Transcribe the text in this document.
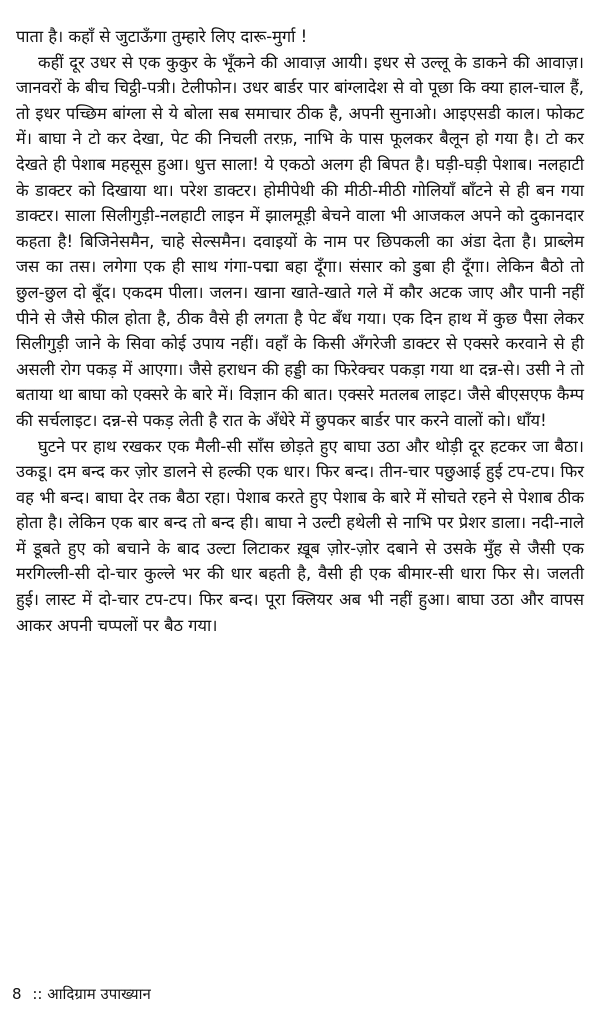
पाता है। कहाँ से जुटाऊँगा तुम्हारे लिए दारू-मुर्गा !

कहीं दूर उधर से एक कुकुर के भूँकने की आवाज़ आयी। इधर से उल्लू के डाकने की आवाज़। जानवरों के बीच चिट्ठी-पत्री। टेलीफोन। उधर बार्डर पार बांग्लादेश से वो पूछा कि क्या हाल-चाल हैं, तो इधर पच्छिम बांग्ला से ये बोला सब समाचार ठीक है, अपनी सुनाओ। आइएसडी काल। फोकट में। बाघा ने टो कर देखा, पेट की निचली तरफ़, नाभि के पास फूलकर बैलून हो गया है। टो कर देखते ही पेशाब महसूस हुआ। धुत्त साला! ये एकठो अलग ही बिपत है। घड़ी-घड़ी पेशाब। नलहाटी के डाक्टर को दिखाया था। परेश डाक्टर। होमीपेथी की मीठी-मीठी गोलियाँ बाँटने से ही बन गया डाक्टर। साला सिलीगुड़ी-नलहाटी लाइन में झालमूड़ी बेचने वाला भी आजकल अपने को दुकानदार कहता है! बिजिनेसमैन, चाहे सेल्समैन। दवाइयों के नाम पर छिपकली का अंडा देता है। प्राब्लेम जस का तस। लगेगा एक ही साथ गंगा-पद्मा बहा दूँगा। संसार को डुबा ही दूँगा। लेकिन बैठो तो छुल-छुल दो बूँद। एकदम पीला। जलन। खाना खाते-खाते गले में कौर अटक जाए और पानी नहीं पीने से जैसे फील होता है, ठीक वैसे ही लगता है पेट बँध गया। एक दिन हाथ में कुछ पैसा लेकर सिलीगुड़ी जाने के सिवा कोई उपाय नहीं। वहाँ के किसी अँगरेजी डाक्टर से एक्सरे करवाने से ही असली रोग पकड़ में आएगा। जैसे हराधन की हड्डी का फिरेक्चर पकड़ा गया था दन्न-से। उसी ने तो बताया था बाघा को एक्सरे के बारे में। विज्ञान की बात। एक्सरे मतलब लाइट। जैसे बीएसएफ कैम्प की सर्चलाइट। दन्न-से पकड़ लेती है रात के अँधेरे में छुपकर बार्डर पार करने वालों को। धाँय!

घुटने पर हाथ रखकर एक मैली-सी साँस छोड़ते हुए बाघा उठा और थोड़ी दूर हटकर जा बैठा। उकडू। दम बन्द कर ज़ोर डालने से हल्की एक धार। फिर बन्द। तीन-चार पछुआई हुई टप-टप। फिर वह भी बन्द। बाघा देर तक बैठा रहा। पेशाब करते हुए पेशाब के बारे में सोचते रहने से पेशाब ठीक होता है। लेकिन एक बार बन्द तो बन्द ही। बाघा ने उल्टी हथेली से नाभि पर प्रेशर डाला। नदी-नाले में डूबते हुए को बचाने के बाद उल्टा लिटाकर ख़ूब ज़ोर-ज़ोर दबाने से उसके मुँह से जैसी एक मरगिल्ली-सी दो-चार कुल्ले भर की धार बहती है, वैसी ही एक बीमार-सी धारा फिर से। जलती हुई। लास्ट में दो-चार टप-टप। फिर बन्द। पूरा क्लियर अब भी नहीं हुआ। बाघा उठा और वापस आकर अपनी चप्पलों पर बैठ गया।

8 :: आदिग्राम उपाख्यान
